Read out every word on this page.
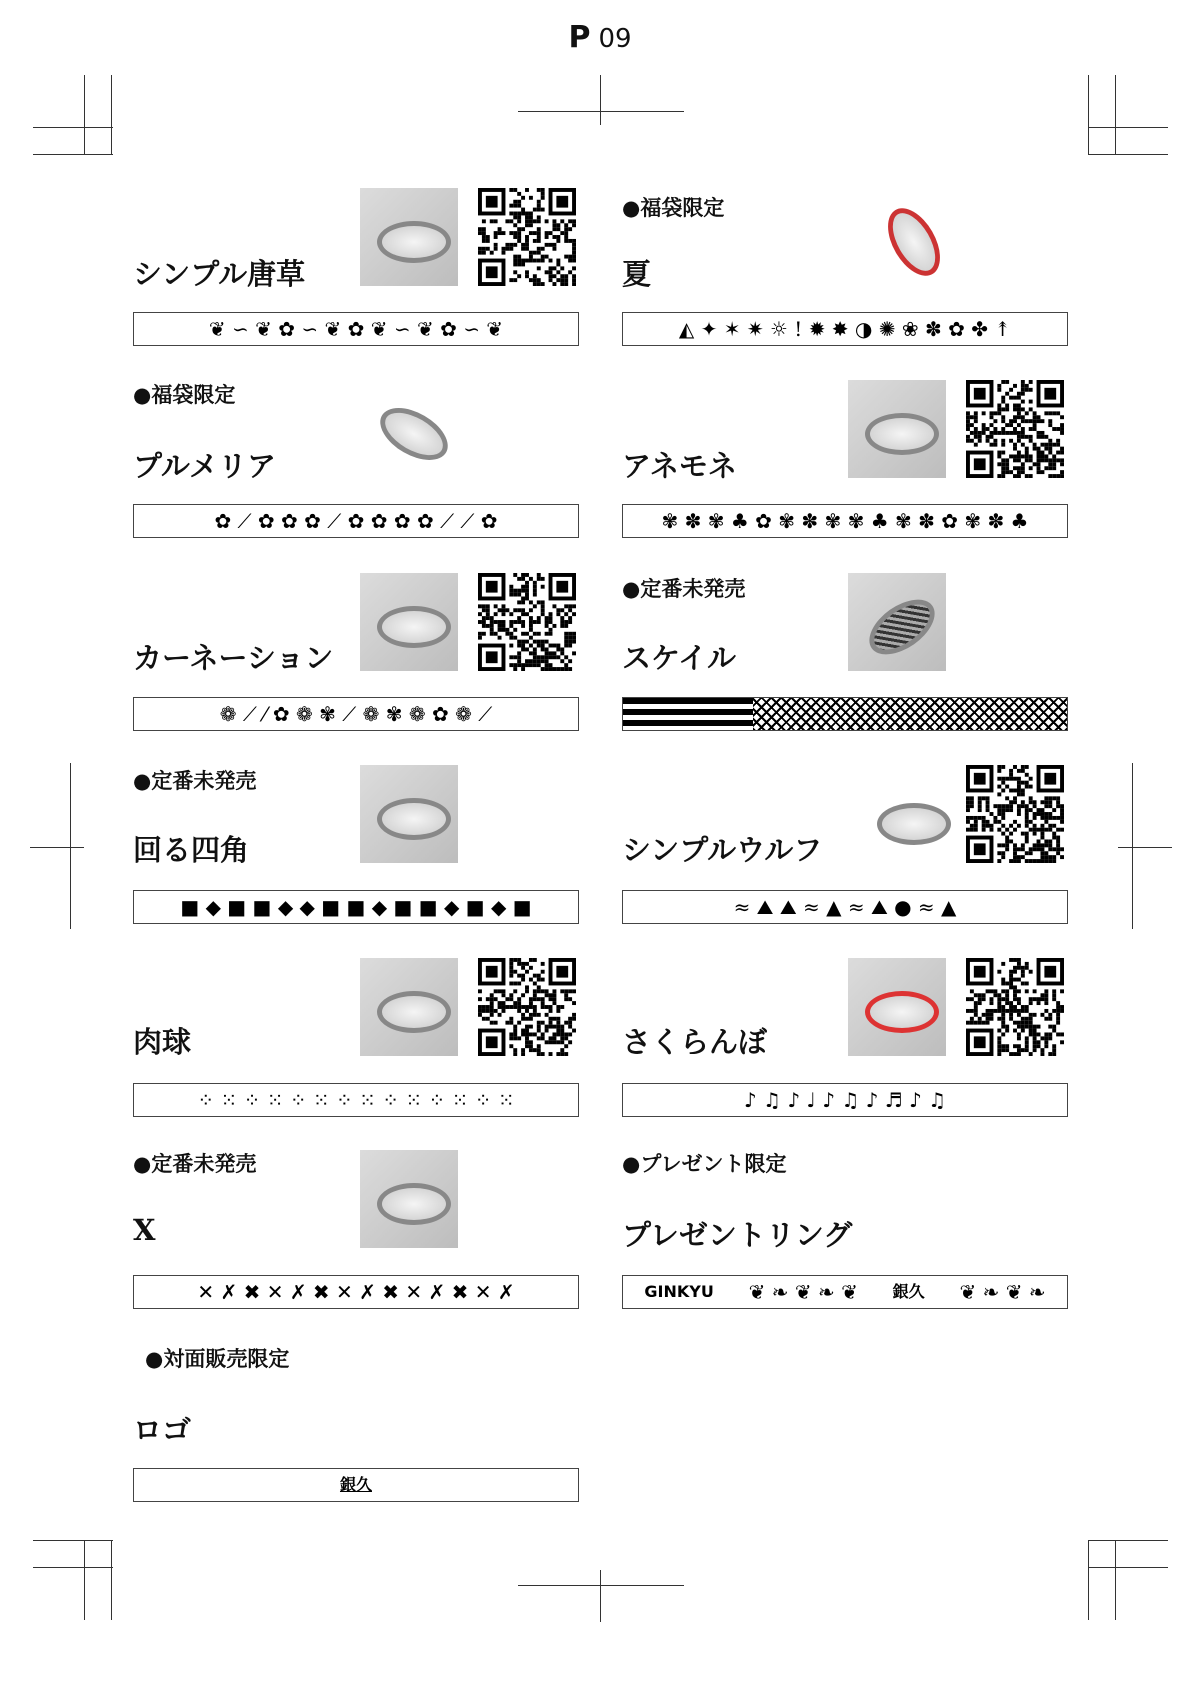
P 09
シンプル唐草
❦ ∽ ❦ ✿ ∽ ❦ ✿ ❦ ∽ ❦ ✿ ∽ ❦
●福袋限定
夏
◭ ✦ ✶ ✷ ☼ ! ✹ ✸ ◑ ✺ ❀ ✽ ✿ ✤ ↟
●福袋限定
プルメリア
✿ ⟋ ✿ ✿ ✿ ⟋ ✿ ✿ ✿ ✿ ⟋ ⟋ ✿
アネモネ
✾ ✽ ✾ ♣ ✿ ✾ ✽ ✾ ✾ ♣ ✾ ✽ ✿ ✾ ✽ ♣
カーネーション
❁ ⟋ ⁄ ✿ ❁ ✾ ⟋ ❁ ✾ ❁ ✿ ❁ ⟋
●定番未発売
スケイル
●定番未発売
回る四角
■ ◆ ■ ■ ◆ ◆ ■ ■ ◆ ■ ■ ◆ ■ ◆ ■
シンプルウルフ
≈ ⛰ ⛰ ≈ ▲ ≈ ⛰ ● ≈ ▲
肉球
⁘ ⁙ ⁘ ⁙ ⁘ ⁙ ⁘ ⁙ ⁘ ⁙ ⁘ ⁙ ⁘ ⁙
さくらんぼ
♪ ♫ ♪ ♩ ♪ ♫ ♪ ♬ ♪ ♫
●定番未発売
X
✕ ✗ ✖ ✕ ✗ ✖ ✕ ✗ ✖ ✕ ✗ ✖ ✕ ✗
●プレゼント限定
プレゼントリング
GINKYU ❦ ❧ ❦ ❧ ❦ 銀久 ❦ ❧ ❦ ❧
●対面販売限定
ロゴ
銀久
